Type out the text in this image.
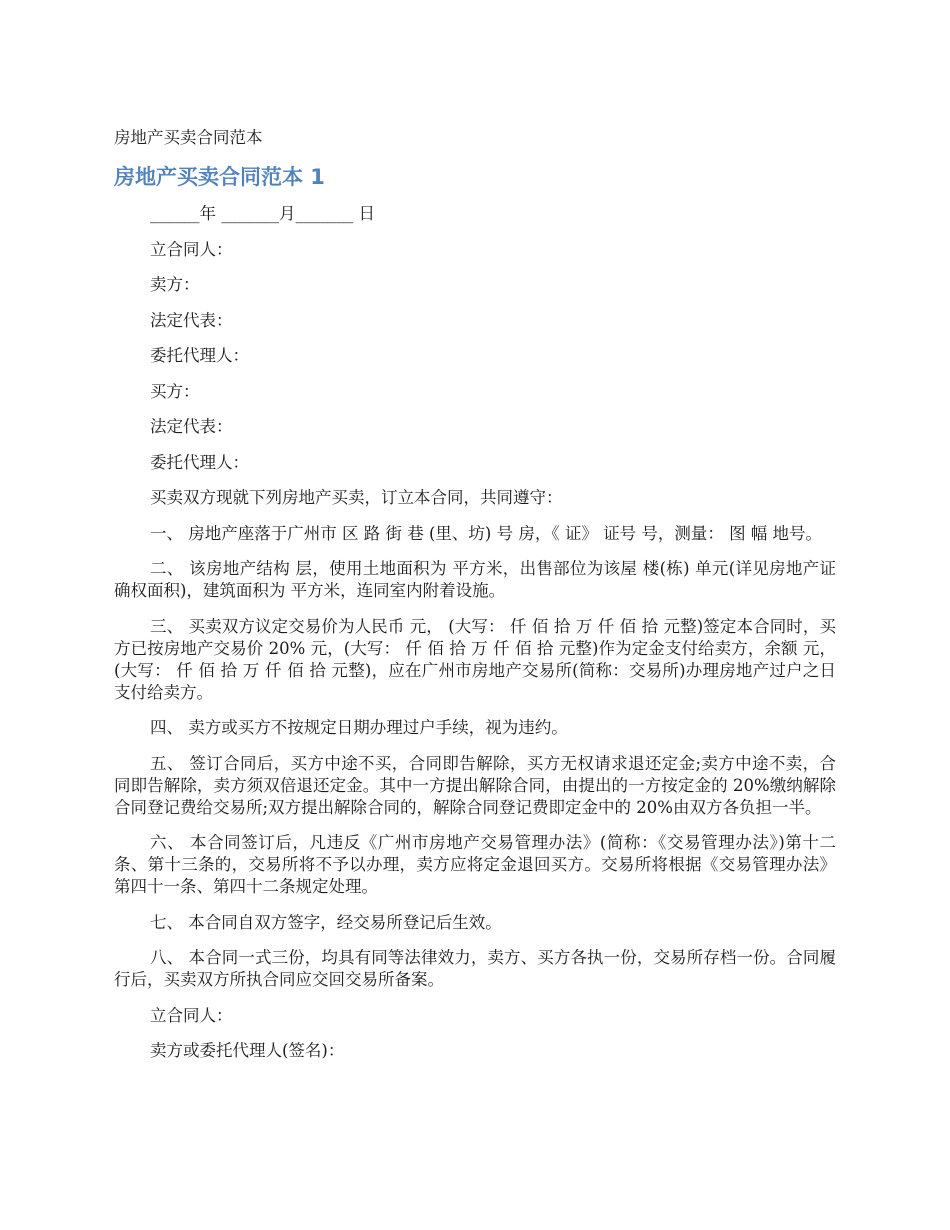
房地产买卖合同范本

房地产买卖合同范本 1

______年 _______月_______ 日

立合同人：

卖方：

法定代表：

委托代理人：

买方：

法定代表：

委托代理人：

买卖双方现就下列房地产买卖，订立本合同，共同遵守：

一、 房地产座落于广州市 区 路 街 巷 (里、坊) 号 房，《 证》 证号 号，测量： 图 幅 地号。

二、 该房地产结构 层，使用土地面积为 平方米，出售部位为该屋 楼(栋) 单元(详见房地产证确权面积)，建筑面积为 平方米，连同室内附着设施。

三、 买卖双方议定交易价为人民币 元， (大写： 仟 佰 拾 万 仟 佰 拾 元整)签定本合同时，买方已按房地产交易价 20% 元，(大写： 仟 佰 拾 万 仟 佰 拾 元整)作为定金支付给卖方，余额 元，(大写： 仟 佰 拾 万 仟 佰 拾 元整)，应在广州市房地产交易所(简称：交易所)办理房地产过户之日支付给卖方。

四、 卖方或买方不按规定日期办理过户手续，视为违约。

五、 签订合同后，买方中途不买，合同即告解除，买方无权请求退还定金;卖方中途不卖，合同即告解除，卖方须双倍退还定金。其中一方提出解除合同，由提出的一方按定金的 20%缴纳解除合同登记费给交易所;双方提出解除合同的，解除合同登记费即定金中的 20%由双方各负担一半。

六、 本合同签订后，凡违反《广州市房地产交易管理办法》(简称：《交易管理办法》)第十二条、第十三条的，交易所将不予以办理，卖方应将定金退回买方。交易所将根据《交易管理办法》第四十一条、第四十二条规定处理。

七、 本合同自双方签字，经交易所登记后生效。

八、 本合同一式三份，均具有同等法律效力，卖方、买方各执一份，交易所存档一份。合同履行后，买卖双方所执合同应交回交易所备案。

立合同人：

卖方或委托代理人(签名)：
